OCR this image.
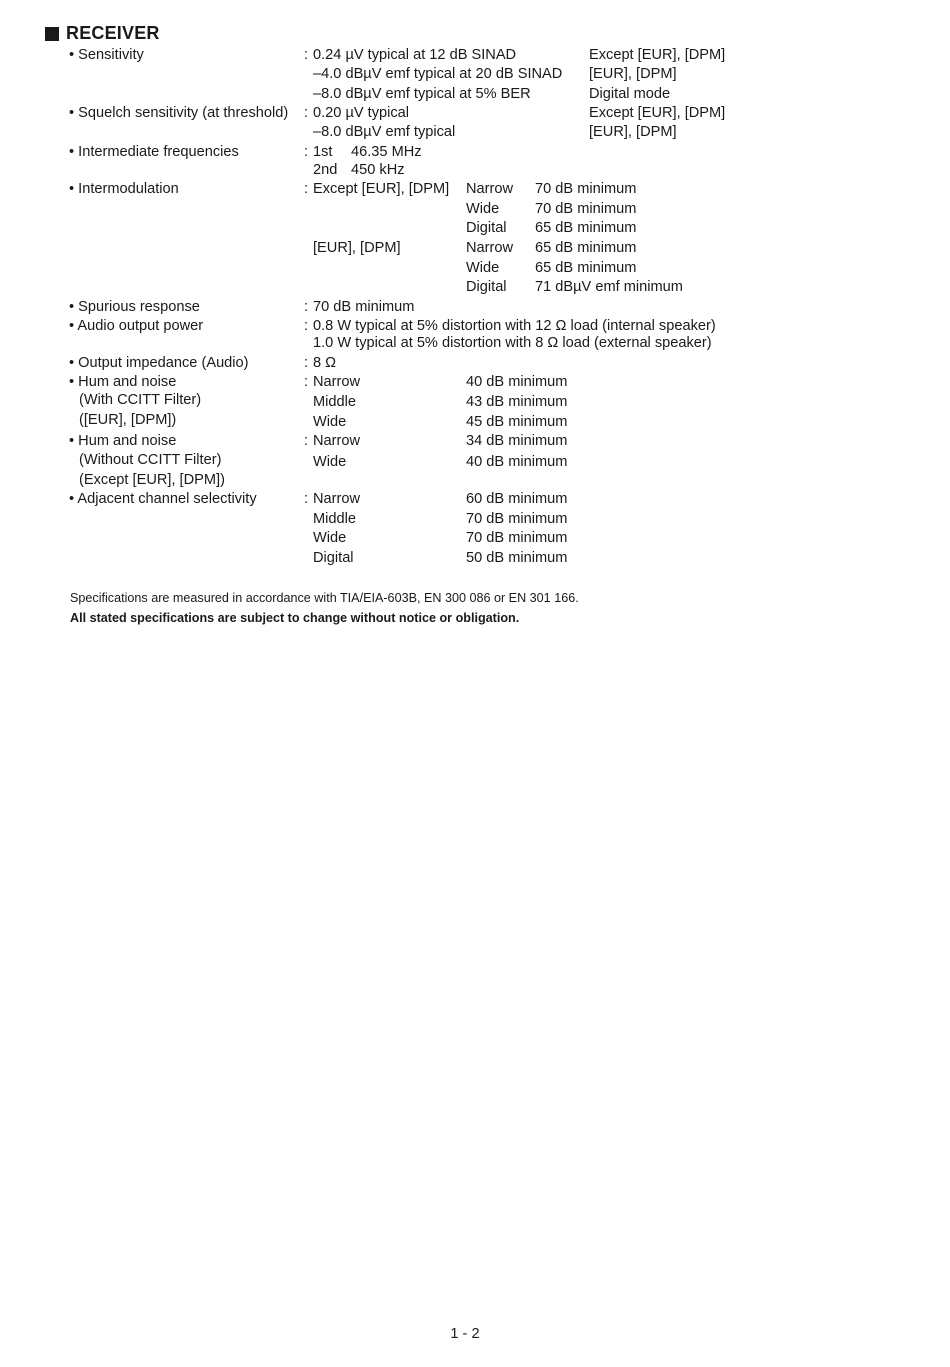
RECEIVER
• Sensitivity	: 0.24 µV typical at 12 dB SINAD	Except [EUR], [DPM]
–4.0 dBµV emf typical at 20 dB SINAD [EUR], [DPM]
–8.0 dBµV emf typical at 5% BER	Digital mode
• Squelch sensitivity (at threshold) : 0.20 µV typical	Except [EUR], [DPM]
–8.0 dBµV emf typical	[EUR], [DPM]
• Intermediate frequencies	: 1st 46.35 MHz
2nd 450 kHz
• Intermodulation	: Except [EUR], [DPM] Narrow 70 dB minimum
Wide 70 dB minimum
Digital 65 dB minimum
[EUR], [DPM]	Narrow 65 dB minimum
Wide 65 dB minimum
Digital 71 dBµV emf minimum
• Spurious response	: 70 dB minimum
• Audio output power	: 0.8 W typical at 5% distortion with 12 Ω load (internal speaker)
1.0 W typical at 5% distortion with 8 Ω load (external speaker)
• Output impedance (Audio)	: 8 Ω
• Hum and noise
(With CCITT Filter)
([EUR], [DPM])
: Narrow	40 dB minimum
Middle	43 dB minimum
Wide	45 dB minimum
• Hum and noise
(Without CCITT Filter)
(Except [EUR], [DPM])
: Narrow	34 dB minimum
Wide	40 dB minimum
• Adjacent channel selectivity	: Narrow	60 dB minimum
Middle	70 dB minimum
Wide	70 dB minimum
Digital	50 dB minimum
Specifications are measured in accordance with TIA/EIA-603B, EN 300 086 or EN 301 166.
All stated specifications are subject to change without notice or obligation.
1 - 2
